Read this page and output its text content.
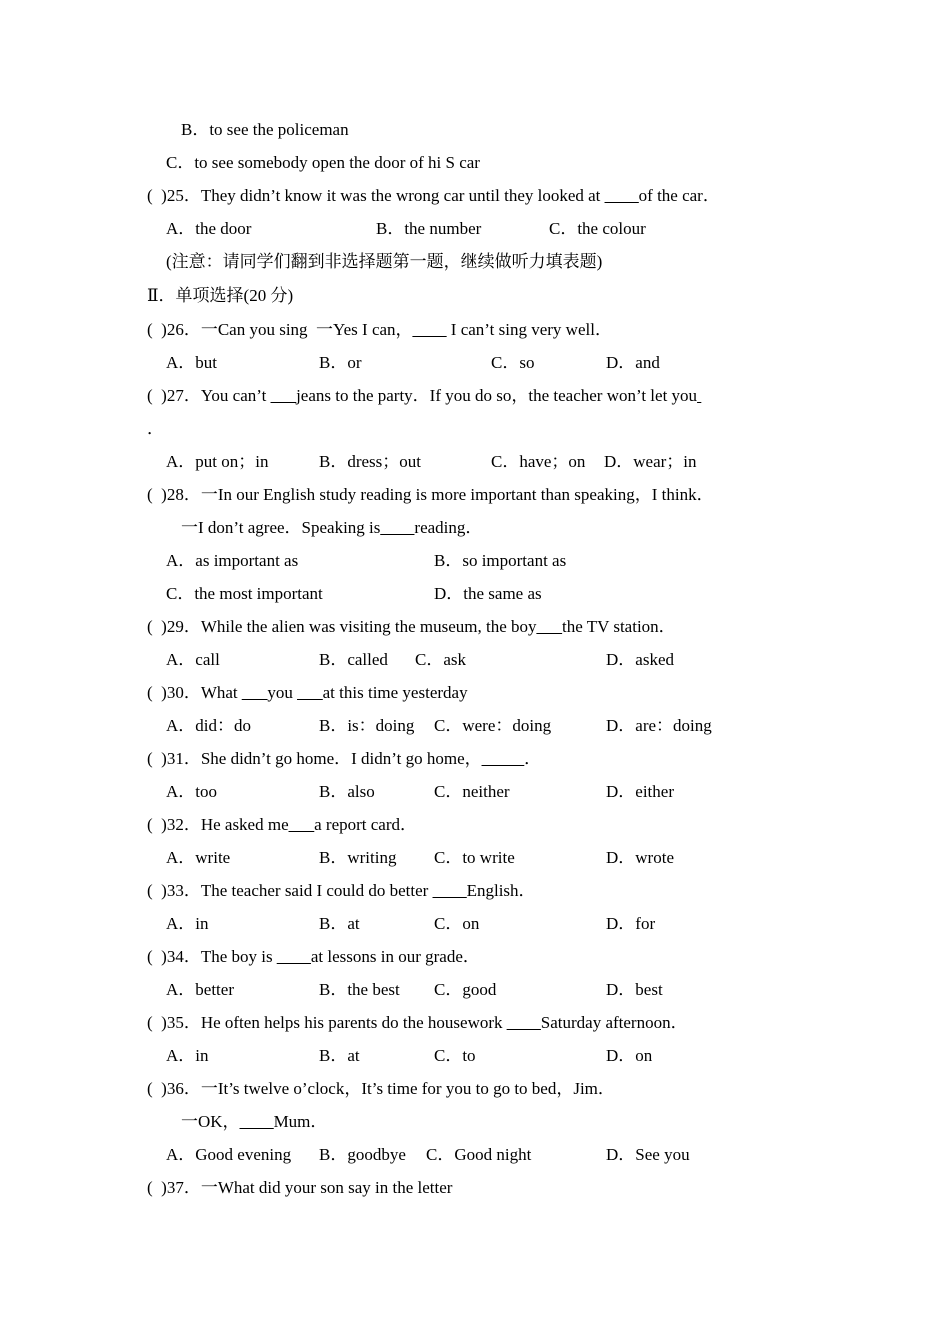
B．to see the policeman
C．to see somebody open the door of hi S car
(  )25．They didn’t know it was the wrong car until they looked at ____of the car．
A．the door	B．the number	C．the colour
(注意：请同学们翻到非选择题第一题，继续做听力填表题)
Ⅱ．单项选择(20 分)
(  )26．一Can you sing  一Yes I can，____ I can’t sing very well．
A．but	B．or	C．so	D．and
(  )27．You can’t ___jeans to the party．If you do so，the teacher won’t let you
．
A．put on；in	B．dress；out	C．have；on D．wear；in
(  )28．一In our English study reading is more important than speaking，I think．
一I don’t agree．Speaking is____reading．
A．as important as	B．so important as
C．the most important	D．the same as
(  )29．While the alien was visiting the museum, the boy___the TV station．
A．call	B．called C．ask	D．asked
(  )30．What ___you ___at this time yesterday
A．did：do	B．is：doing C．were：doing	D．are：doing
(  )31．She didn’t go home．I didn’t go home，_____．
A．too	B．also	C．neither	D．either
(  )32．He asked me___a report card．
A．write	B．writing C．to write	D．wrote
(  )33．The teacher said I could do better ____English．
A．in	B．at	C．on	D．for
(  )34．The boy is ____at lessons in our grade．
A．better	B．the best C．good	D．best
(  )35．He often helps his parents do the housework ____Saturday afternoon．
A．in	B．at	C．to	D．on
(  )36．一It’s twelve o’clock，It’s time for you to go to bed，Jim．
一OK，____Mum．
A．Good evening B．goodbye C．Good night	D．See you
(  )37．一What did your son say in the letter
